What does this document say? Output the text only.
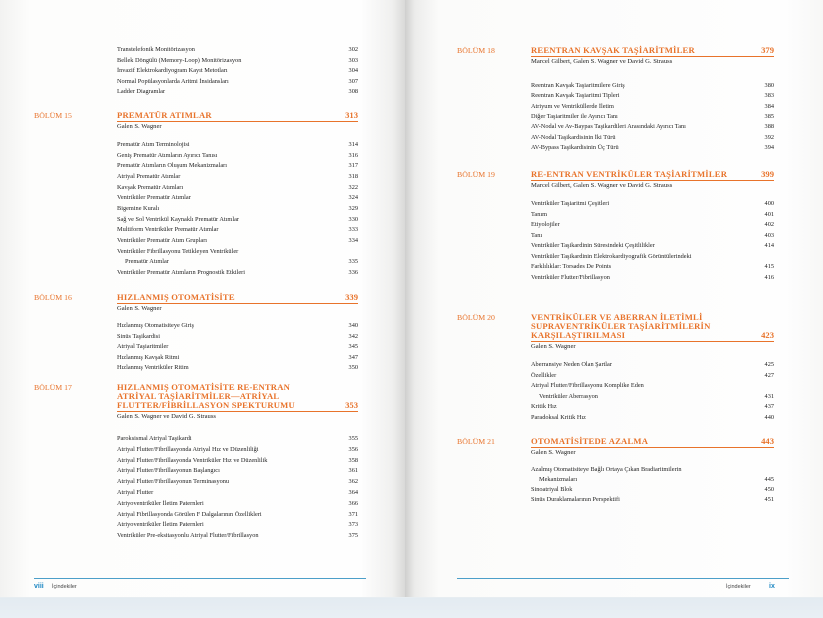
Transtelefonik Monitörizasyon	302
Bellek Döngülü (Memory-Loop) Monitörizasyon	303
İnvazif Elektrokardiyogram Kayıt Metotları	304
Normal Popülasyonlarda Aritmi İnsidansları	307
Ladder Diagramlar	308
BÖLÜM 15	PREMATÜR ATIMLAR	313
Galen S. Wagner
Prematür Atım Terminolojisi	314
Geniş Prematür Atımların Ayırıcı Tanısı	316
Prematür Atımların Oluşum Mekanizmaları	317
Atriyal Prematür Atımlar	318
Kavşak Prematür Atımları	322
Ventriküler Prematür Atımlar	324
Bigemine Kuralı	329
Sağ ve Sol Ventrikül Kaynaklı Prematür Atımlar	330
Multiform Ventriküler Prematür Atımlar	333
Ventriküler Prematür Atım Grupları	334
Ventriküler Fibrillasyonu Tetikleyen Ventriküler
Prematür Atımlar	335
Ventriküler Prematür Atımların Prognostik Etkileri	336
BÖLÜM 16	HIZLANMIŞ OTOMATİSİTE	339
Galen S. Wagner
Hızlanmış Otomatisiteye Giriş	340
Sinüs Taşikardisi	342
Atriyal Taşiaritmiler	345
Hızlanmış Kavşak Ritmi	347
Hızlanmış Ventriküler Ritim	350
BÖLÜM 17	HIZLANMIŞ OTOMATİSİTE RE-ENTRAN
ATRİYAL TAŞİARİTMİLER—ATRİYAL
FLUTTER/FİBRİLLASYON SPEKTURUMU	353
Galen S. Wagner ve David G. Strauss
Paroksismal Atriyal Taşikardi	355
Atriyal Flutter/Fibrillasyonda Atriyal Hız ve Düzenliliği	356
Atriyal Flutter/Fibrillasyonda Ventriküler Hız ve Düzenlilik	358
Atriyal Flutter/Fibrillasyonun Başlangıcı	361
Atriyal Flutter/Fibrillasyonun Terminasyonu	362
Atriyal Flutter	364
Atriyoventriküler İletim Paternleri	366
Atriyal Fibrillasyonda Görülen F Dalgalarının Özellikleri	371
Atriyoventriküler İletim Paternleri	373
Ventriküler Pre-eksitasyonlu Atriyal Flutter/Fibrillasyon	375
BÖLÜM 18	REENTRAN KAVŞAK TAŞİARİTMİLER	379
Marcel Gilbert, Galen S. Wagner ve David G. Strauss
Reentran Kavşak Taşiaritmilere Giriş	380
Reentran Kavşak Taşiaritmi Tipleri	383
Atriyum ve Ventriküllerde İletim	384
Diğer Taşiaritmiler ile Ayırıcı Tanı	385
AV-Nodal ve Av-Baypas Taşikardileri Arasındaki Ayırıcı Tanı	388
AV-Nodal Taşikardisinin İki Türü	392
AV-Bypass Taşikardisinin Üç Türü	394
BÖLÜM 19	RE-ENTRAN VENTRİKÜLER TAŞİARİTMİLER	399
Marcel Gilbert, Galen S. Wagner ve David G. Strauss
Ventriküler Taşiaritmi Çeşitleri	400
Tanım	401
Etiyolojiler	402
Tanı	403
Ventriküler Taşikardinin Süresindeki Çeşitlilikler	414
Ventriküler Taşikardinin Elektrokardiyografik Görüntülerindeki
Farklılıklar: Torsades De Points	415
Ventriküler Flutter/Fibrillasyon	416
BÖLÜM 20	VENTRİKÜLER VE ABERRAN İLETİMLİ
SUPRAVENTRİKÜLER TAŞİARİTMİLERİN
KARŞILAŞTIRILMASI	423
Galen S. Wagner
Aberransiye Neden Olan Şartlar	425
Özellikler	427
Atriyal Flutter/Fibrillasyonu Komplike Eden
Ventriküler Aberrasyon	431
Kritik Hız	437
Paradoksal Kritik Hız	440
BÖLÜM 21	OTOMATİSİTEDE AZALMA	443
Galen S. Wagner
Azalmış Otomatisiteye Bağlı Ortaya Çıkan Bradiaritmilerin
Mekanizmaları	445
Sinoatriyal Blok	450
Sinüs Duraklamalarının Perspektifi	451
viii İçindekiler	İçindekiler	ix
